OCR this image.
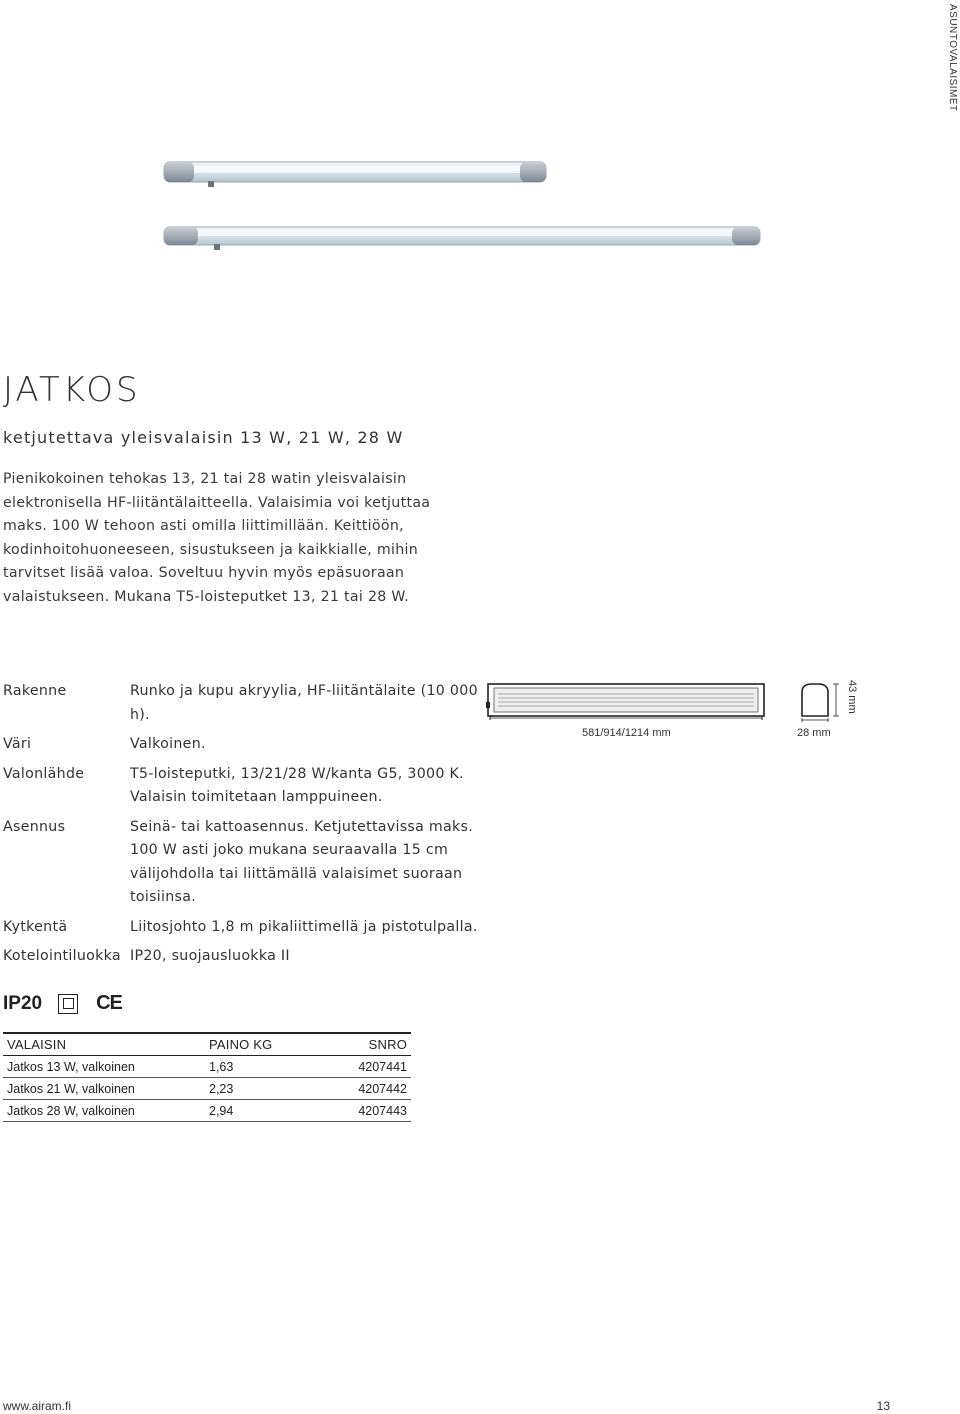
ASUNTOVALAISIMET
JATKOS

ketjutettava yleisvalaisin 13 W, 21 W, 28 W

Pienikokoinen tehokas 13, 21 tai 28 watin yleisvalaisin elektronisella HF-liitäntälaitteella. Valaisimia voi ketjuttaa maks. 100 W tehoon asti omilla liittimillään. Keittiöön, kodinhoitohuoneeseen, sisustukseen ja kaikkialle, mihin tarvitset lisää valoa. Soveltuu hyvin myös epäsuoraan valaistukseen. Mukana T5-loisteputket 13, 21 tai 28 W.

Rakenne	Runko ja kupu akryylia, HF-liitäntälaite (10 000 h).
Väri	Valkoinen.
Valonlähde	T5-loisteputki, 13/21/28 W/kanta G5, 3000 K. Valaisin toimitetaan lamppuineen.
Asennus	Seinä- tai kattoasennus. Ketjutettavissa maks. 100 W asti joko mukana seuraavalla 15 cm välijohdolla tai liittämällä valaisimet suoraan toisiinsa.
Kytkentä	Liitosjohto 1,8 m pikaliittimellä ja pistotulpalla.
Kotelointiluokka IP20, suojausluokka II
581/914/1214 mm	28 mm
43 mm
IP20	CE
VALAISIN	PAINO KG	SNRO
Jatkos 13 W, valkoinen	1,63	4207441
Jatkos 21 W, valkoinen	2,23	4207442
Jatkos 28 W, valkoinen	2,94	4207443
www.airam.fi	13
